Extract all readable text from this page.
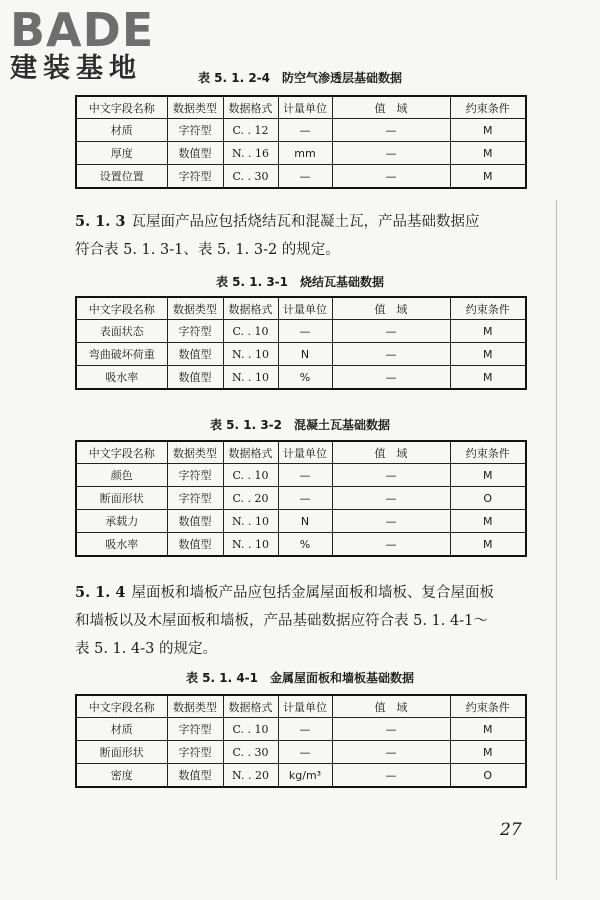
BADE
建装基地	表 5. 1. 2-4　防空气渗透层基础数据
中文字段名称	数据类型	数据格式	计量单位	值　域	约束条件
材质	字符型	C. . 12	—	—	M
厚度	数值型	N. . 16	mm	—	M
设置位置	字符型	C. . 30	—	—	M
5. 1. 3 瓦屋面产品应包括烧结瓦和混凝土瓦，产品基础数据应
符合表 5. 1. 3-1、表 5. 1. 3-2 的规定。
表 5. 1. 3-1　烧结瓦基础数据
中文字段名称	数据类型	数据格式	计量单位	值　域	约束条件
表面状态	字符型	C. . 10	—	—	M
弯曲破坏荷重	数值型	N. . 10	N	—	M
吸水率	数值型	N. . 10	%	—	M
表 5. 1. 3-2　混凝土瓦基础数据
中文字段名称	数据类型	数据格式	计量单位	值　域	约束条件
颜色	字符型	C. . 10	—	—	M
断面形状	字符型	C. . 20	—	—	O
承载力	数值型	N. . 10	N	—	M
吸水率	数值型	N. . 10	%	—	M
5. 1. 4 屋面板和墙板产品应包括金属屋面板和墙板、复合屋面板
和墙板以及木屋面板和墙板，产品基础数据应符合表 5. 1. 4-1～
表 5. 1. 4-3 的规定。
表 5. 1. 4-1　金属屋面板和墙板基础数据
中文字段名称	数据类型	数据格式	计量单位	值　域	约束条件
材质	字符型	C. . 10	—	—	M
断面形状	字符型	C. . 30	—	—	M
密度	数值型	N. . 20	kg/m³	—	O
27
